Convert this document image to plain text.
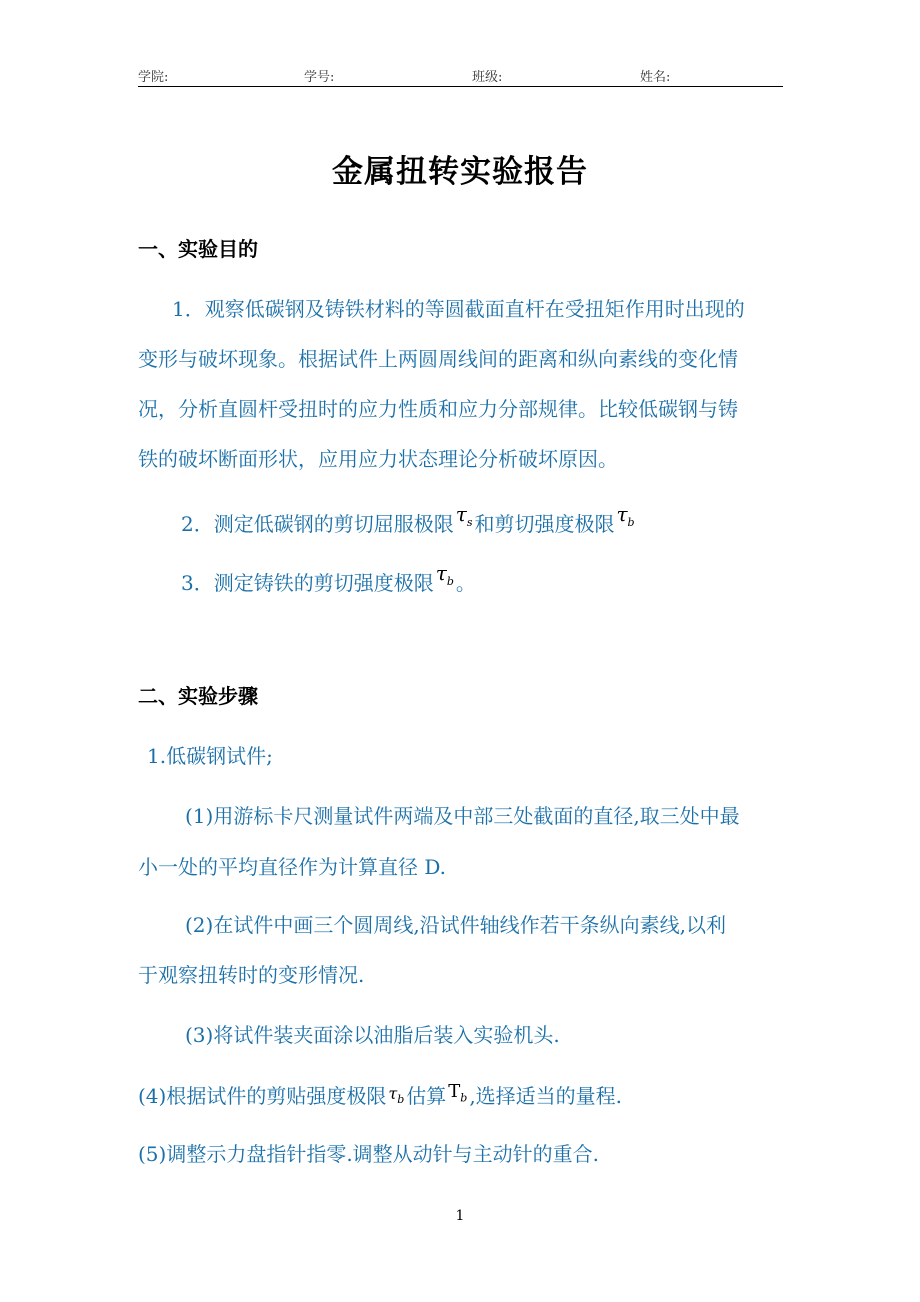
学院:	学号:	班级:	姓名:
金属扭转实验报告
一、实验目的
1．观察低碳钢及铸铁材料的等圆截面直杆在受扭矩作用时出现的
变形与破坏现象。根据试件上两圆周线间的距离和纵向素线的变化情
况，分析直圆杆受扭时的应力性质和应力分部规律。比较低碳钢与铸
铁的破坏断面形状，应用应力状态理论分析破坏原因。
2．测定低碳钢的剪切屈服极限 $\tau_s$ 和剪切强度极限 $\tau_b$
3．测定铸铁的剪切强度极限 $\tau_b$ 。
二、实验步骤
1.低碳钢试件;
(1)用游标卡尺测量试件两端及中部三处截面的直径,取三处中最
小一处的平均直径作为计算直径 D.
(2)在试件中画三个圆周线,沿试件轴线作若干条纵向素线,以利
于观察扭转时的变形情况.
(3)将试件装夹面涂以油脂后装入实验机头.
(4)根据试件的剪贴强度极限 $^{\tau_b}$ 估算 $T_b$ ,选择适当的量程.
(5)调整示力盘指针指零.调整从动针与主动针的重合.
1
